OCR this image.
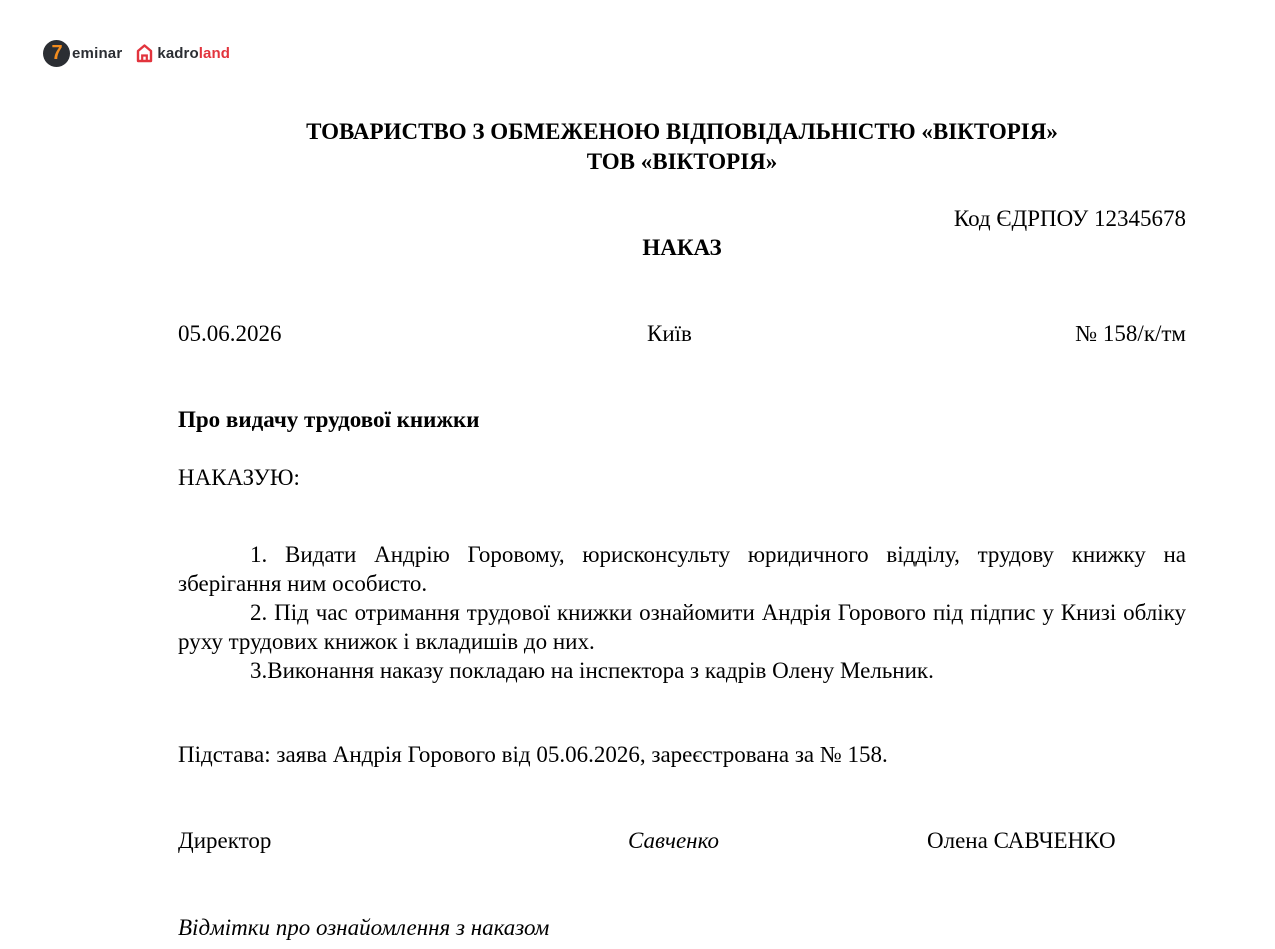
7 eminar kadroland
ТОВАРИСТВО З ОБМЕЖЕНОЮ ВІДПОВІДАЛЬНІСТЮ «ВІКТОРІЯ»
ТОВ «ВІКТОРІЯ»
Код ЄДРПОУ 12345678
НАКАЗ
05.06.2026	Київ	№ 158/к/тм
Про видачу трудової книжки
НАКАЗУЮ:

1. Видати Андрію Горовому, юрисконсульту юридичного відділу, трудову книжку на зберігання ним особисто.

2. Під час отримання трудової книжки ознайомити Андрія Горового під підпис у Книзі обліку руху трудових книжок і вкладишів до них.

3.Виконання наказу покладаю на інспектора з кадрів Олену Мельник.

Підстава: заява Андрія Горового від 05.06.2026, зареєстрована за № 158.
Директор	Савченко	Олена САВЧЕНКО
Відмітки про ознайомлення з наказом
